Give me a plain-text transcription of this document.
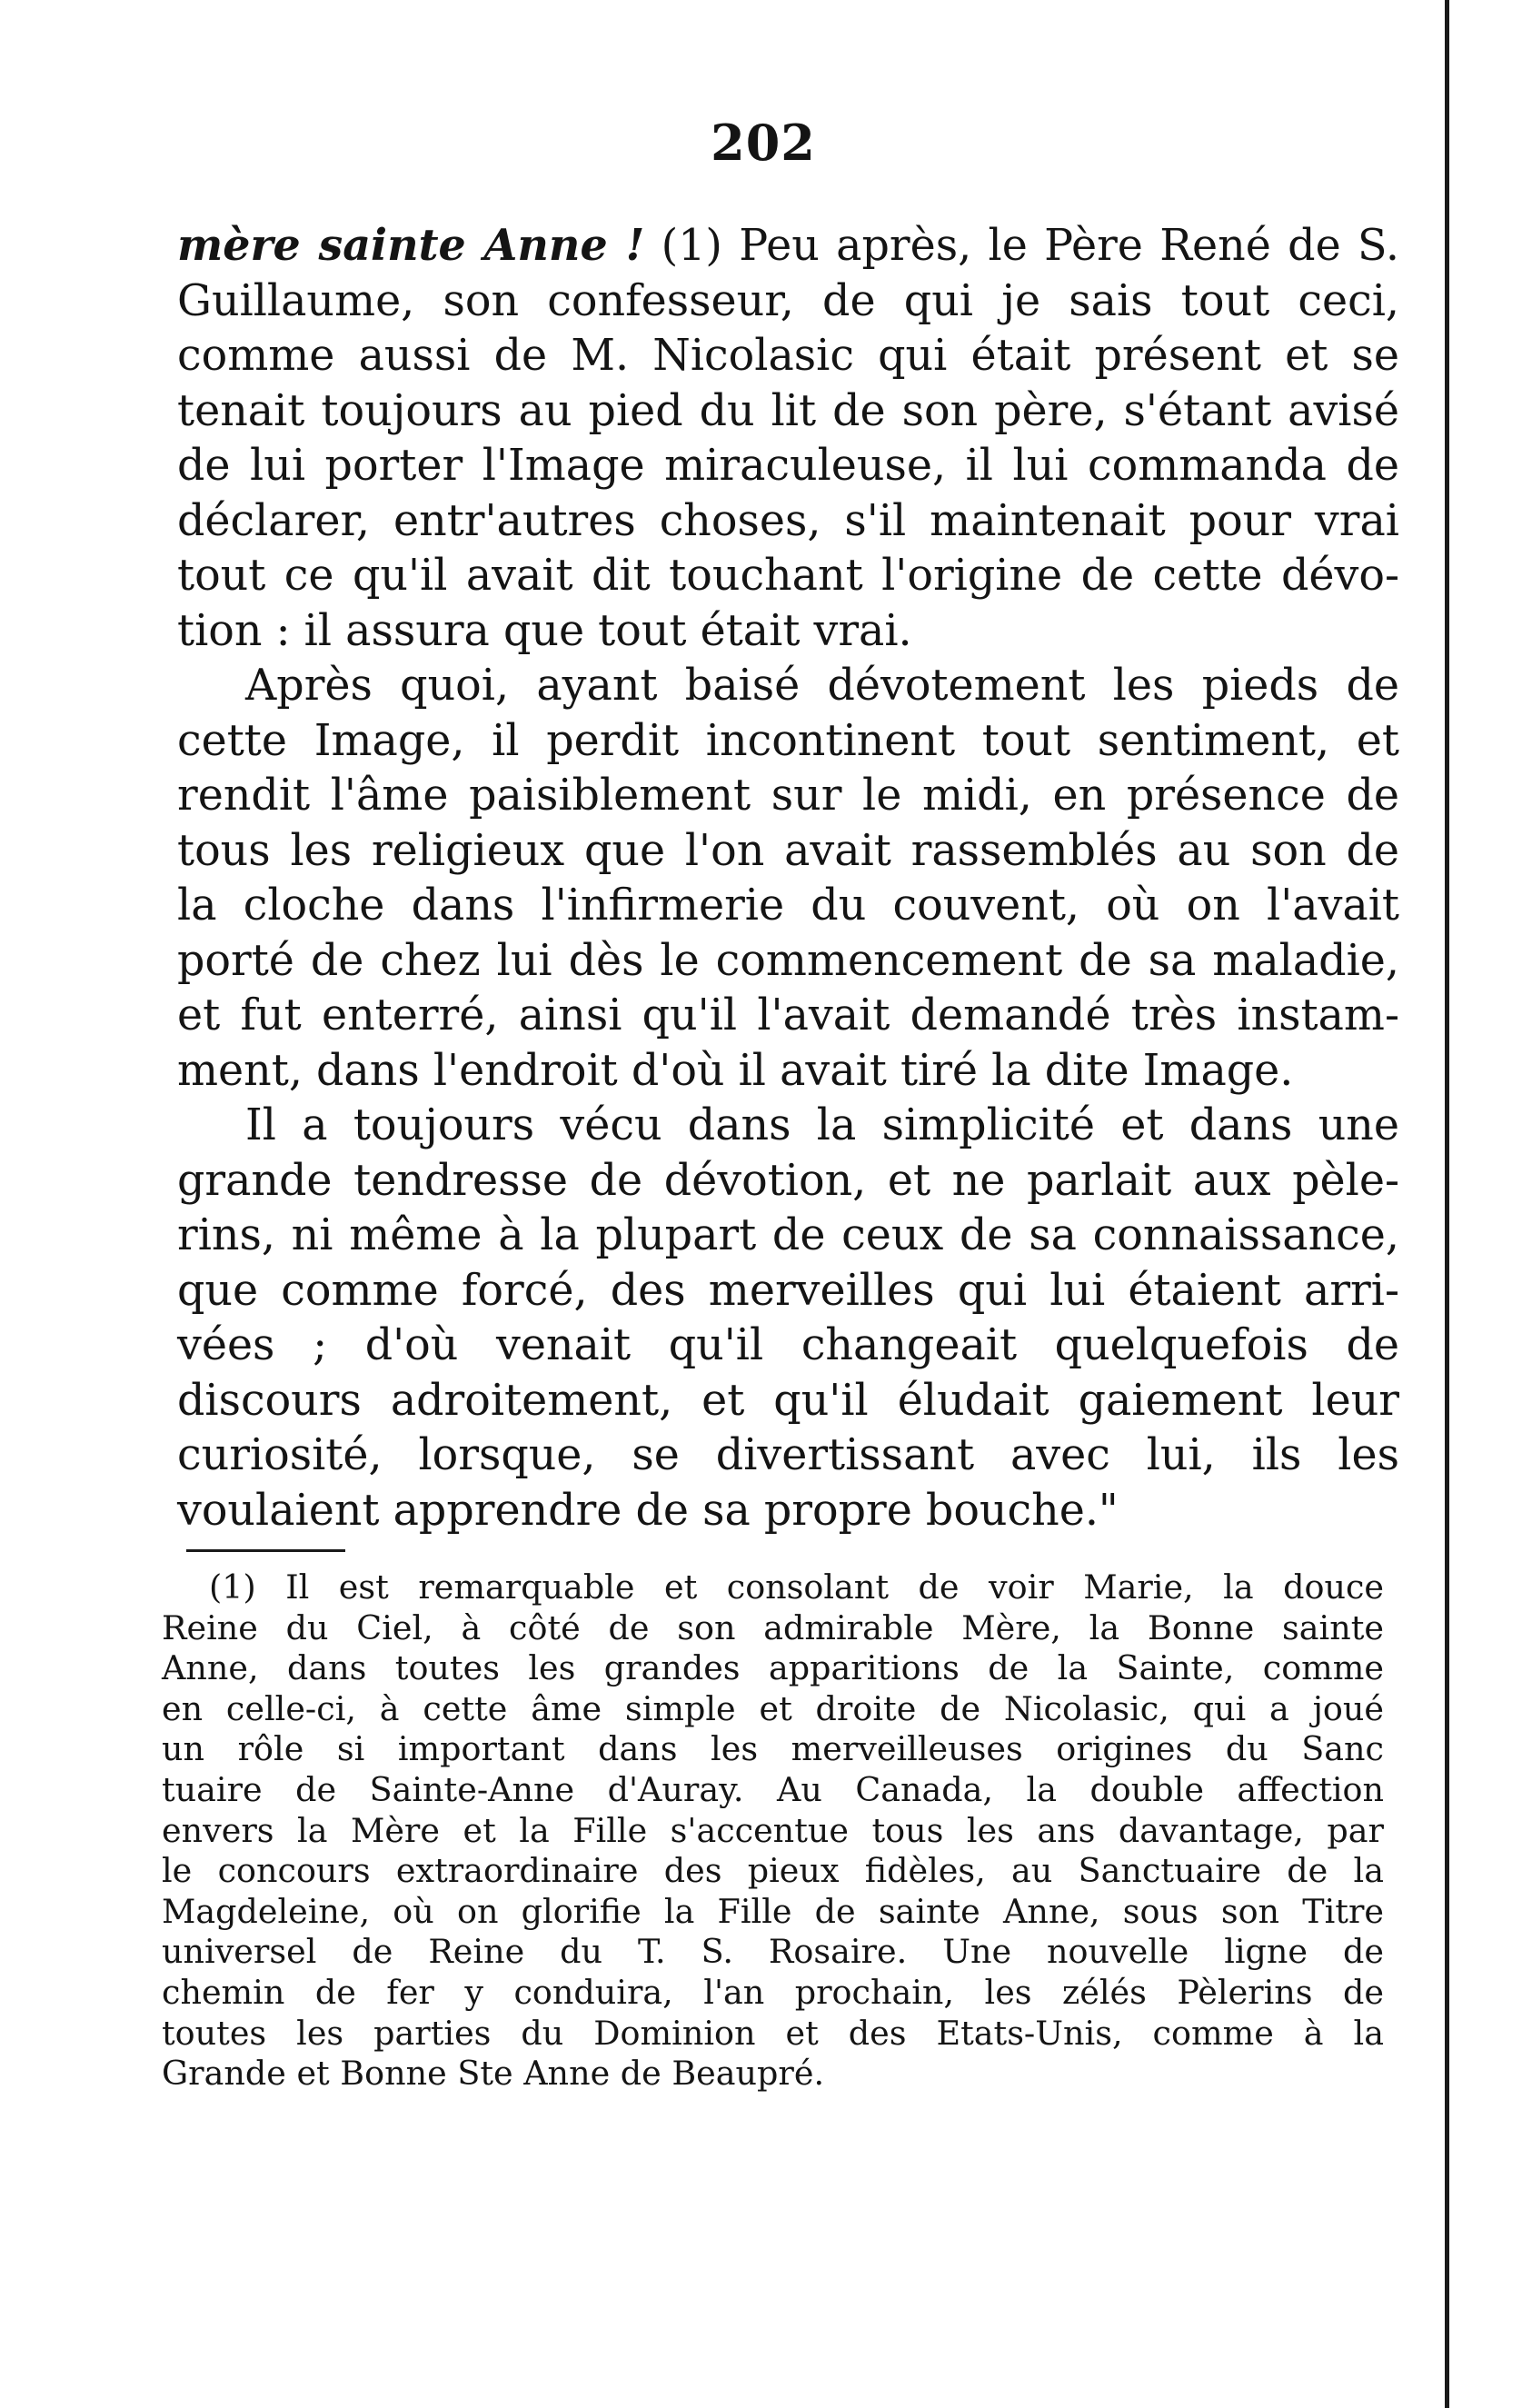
202

mère sainte Anne ! (1) Peu après, le Père René de S.
Guillaume, son confesseur, de qui je sais tout ceci,
comme aussi de M. Nicolasic qui était présent et se
tenait toujours au pied du lit de son père, s'étant avisé
de lui porter l'Image miraculeuse, il lui commanda de
déclarer, entr'autres choses, s'il maintenait pour vrai
tout ce qu'il avait dit touchant l'origine de cette dévo-
tion : il assura que tout était vrai.

Après quoi, ayant baisé dévotement les pieds de
cette Image, il perdit incontinent tout sentiment, et
rendit l'âme paisiblement sur le midi, en présence de
tous les religieux que l'on avait rassemblés au son de
la cloche dans l'infirmerie du couvent, où on l'avait
porté de chez lui dès le commencement de sa maladie,
et fut enterré, ainsi qu'il l'avait demandé très instam-
ment, dans l'endroit d'où il avait tiré la dite Image.

Il a toujours vécu dans la simplicité et dans une
grande tendresse de dévotion, et ne parlait aux pèle-
rins, ni même à la plupart de ceux de sa connaissance,
que comme forcé, des merveilles qui lui étaient arri-
vées ; d'où venait qu'il changeait quelquefois de
discours adroitement, et qu'il éludait gaiement leur
curiosité, lorsque, se divertissant avec lui, ils les
voulaient apprendre de sa propre bouche."

(1) Il est remarquable et consolant de voir Marie, la douce
Reine du Ciel, à côté de son admirable Mère, la Bonne sainte
Anne, dans toutes les grandes apparitions de la Sainte, comme
en celle-ci, à cette âme simple et droite de Nicolasic, qui a joué
un rôle si important dans les merveilleuses origines du Sanc
tuaire de Sainte-Anne d'Auray. Au Canada, la double affection
envers la Mère et la Fille s'accentue tous les ans davantage, par
le concours extraordinaire des pieux fidèles, au Sanctuaire de la
Magdeleine, où on glorifie la Fille de sainte Anne, sous son Titre
universel de Reine du T. S. Rosaire. Une nouvelle ligne de
chemin de fer y conduira, l'an prochain, les zélés Pèlerins de
toutes les parties du Dominion et des Etats-Unis, comme à la
Grande et Bonne Ste Anne de Beaupré.
